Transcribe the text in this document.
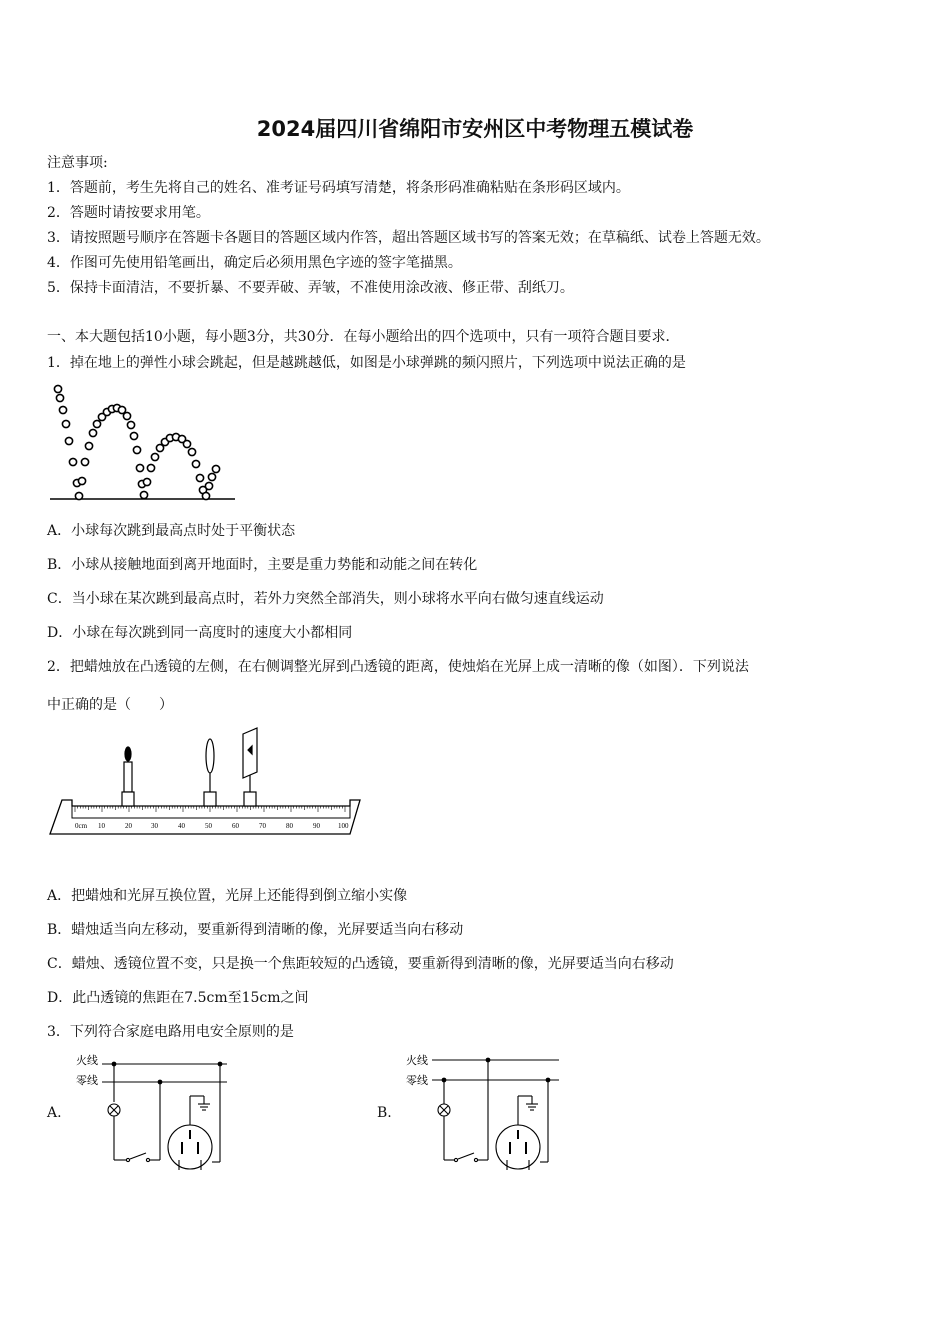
2024届四川省绵阳市安州区中考物理五模试卷
注意事项:
1．答题前，考生先将自己的姓名、准考证号码填写清楚，将条形码准确粘贴在条形码区域内。
2．答题时请按要求用笔。
3．请按照题号顺序在答题卡各题目的答题区域内作答，超出答题区域书写的答案无效；在草稿纸、试卷上答题无效。
4．作图可先使用铅笔画出，确定后必须用黑色字迹的签字笔描黑。
5．保持卡面清洁，不要折暴、不要弄破、弄皱，不准使用涂改液、修正带、刮纸刀。
一、本大题包括10小题，每小题3分，共30分．在每小题给出的四个选项中，只有一项符合题目要求．
1．掉在地上的弹性小球会跳起，但是越跳越低，如图是小球弹跳的频闪照片，下列选项中说法正确的是
A．小球每次跳到最高点时处于平衡状态
B．小球从接触地面到离开地面时，主要是重力势能和动能之间在转化
C．当小球在某次跳到最高点时，若外力突然全部消失，则小球将水平向右做匀速直线运动
D．小球在每次跳到同一高度时的速度大小都相同
2．把蜡烛放在凸透镜的左侧，在右侧调整光屏到凸透镜的距离，使烛焰在光屏上成一清晰的像（如图）．下列说法
中正确的是（　　）
0cm 10	20	30	40	50	60	70	80	90	100
A．把蜡烛和光屏互换位置，光屏上还能得到倒立缩小实像
B．蜡烛适当向左移动，要重新得到清晰的像，光屏要适当向右移动
C．蜡烛、透镜位置不变，只是换一个焦距较短的凸透镜，要重新得到清晰的像，光屏要适当向右移动
D．此凸透镜的焦距在7.5cm至15cm之间
3．下列符合家庭电路用电安全原则的是
A.	B.
火线
零线
火线
零线
